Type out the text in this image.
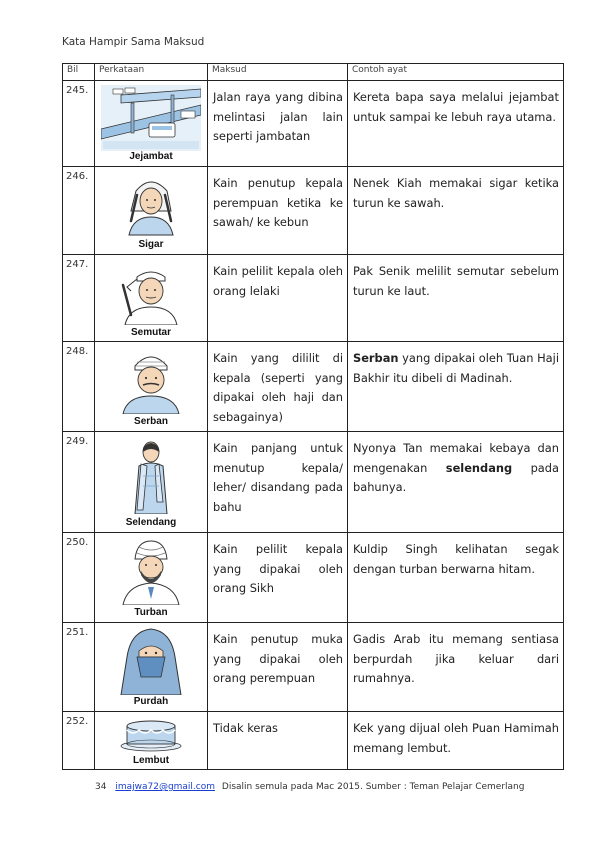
Kata Hampir Sama Maksud
Bil	Perkataan	Maksud	Contoh ayat
245.	Jejambat	Jalan raya yang dibina melintasi jalan lain seperti jambatan	Kereta bapa saya melalui jejambat untuk sampai ke lebuh raya utama.
246.	Sigar	Kain penutup kepala perempuan ketika ke sawah/ ke kebun	Nenek Kiah memakai sigar ketika turun ke sawah.
247.	Semutar	Kain pelilit kepala oleh orang lelaki	Pak Senik melilit semutar sebelum turun ke laut.
248.	Serban	Kain yang dililit di kepala (seperti yang dipakai oleh haji dan sebagainya)	Serban yang dipakai oleh Tuan Haji Bakhir itu dibeli di Madinah.
249.	Selendang	Kain panjang untuk menutup kepala/ leher/ disandang pada bahu	Nyonya Tan memakai kebaya dan mengenakan selendang pada bahunya.
250.	Turban	Kain pelilit kepala yang dipakai oleh orang Sikh	Kuldip Singh kelihatan segak dengan turban berwarna hitam.
251.	Purdah	Kain penutup muka yang dipakai oleh orang perempuan	Gadis Arab itu memang sentiasa berpurdah jika keluar dari rumahnya.
252.	Lembut	Tidak keras	Kek yang dijual oleh Puan Hamimah memang lembut.
34 imajwa72@gmail.com Disalin semula pada Mac 2015. Sumber : Teman Pelajar Cemerlang
